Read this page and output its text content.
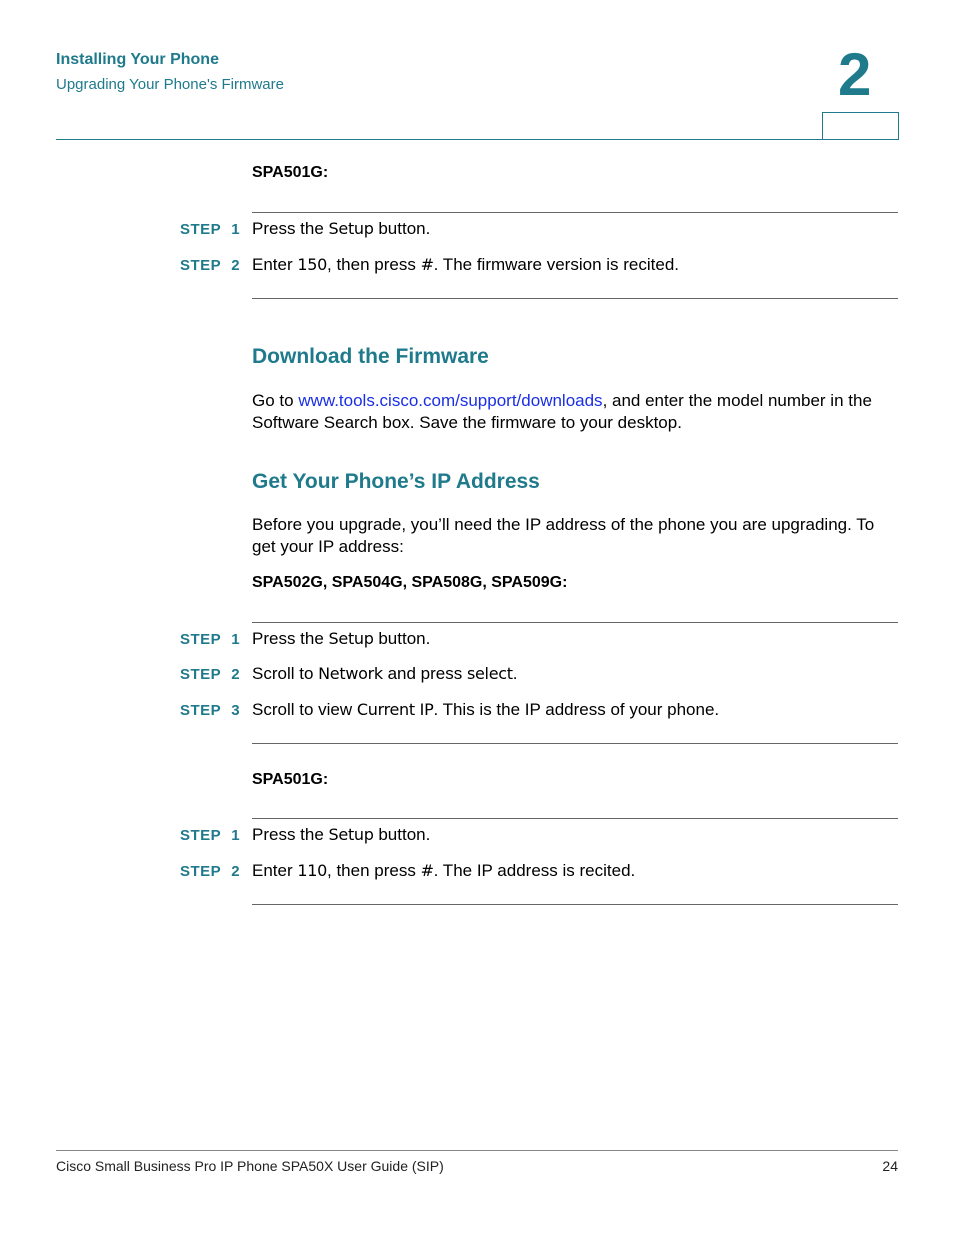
Installing Your Phone
Upgrading Your Phone's Firmware	2
SPA501G:
STEP 1 Press the Setup button.
STEP 2 Enter 150, then press #. The firmware version is recited.
Download the Firmware
Go to www.tools.cisco.com/support/downloads, and enter the model number in the Software Search box. Save the firmware to your desktop.
Get Your Phone’s IP Address
Before you upgrade, you’ll need the IP address of the phone you are upgrading. To get your IP address:
SPA502G, SPA504G, SPA508G, SPA509G:
STEP 1 Press the Setup button.
STEP 2 Scroll to Network and press select.
STEP 3 Scroll to view Current IP. This is the IP address of your phone.
SPA501G:
STEP 1 Press the Setup button.
STEP 2 Enter 110, then press #. The IP address is recited.
Cisco Small Business Pro IP Phone SPA50X User Guide (SIP)	24
